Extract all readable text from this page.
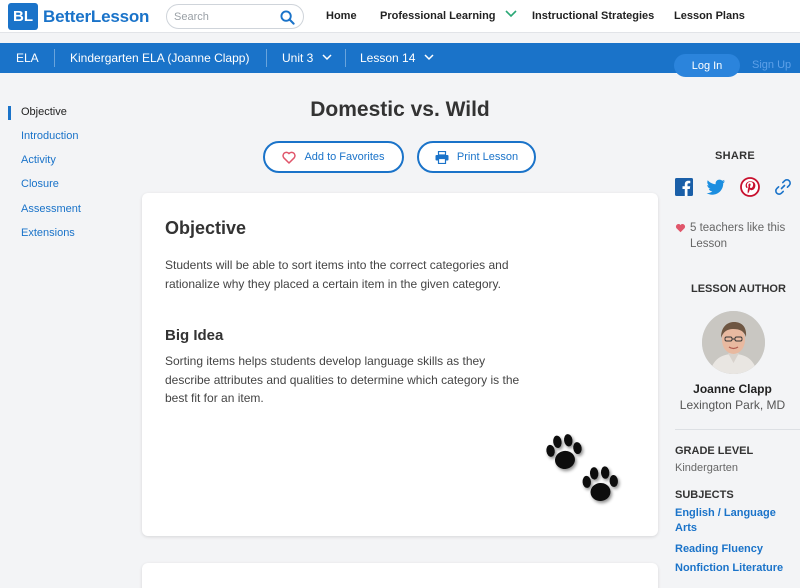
BL BetterLesson
Search	Home Professional Learning	Instructional Strategies Lesson Plans
ELA	Kindergarten ELA (Joanne Clapp)	Unit 3	Lesson 14
Log In	Sign Up
Objective
Introduction
Activity
Closure
Assessment
Extensions
Domestic vs. Wild
Add to Favorites	Print Lesson
Objective
Students will be able to sort items into the correct categories and rationalize why they placed a certain item in the given category.
Big Idea
Sorting items helps students develop language skills as they describe attributes and qualities to determine which category is the best fit for an item.
SHARE
5 teachers like this Lesson
LESSON AUTHOR
Joanne Clapp
Lexington Park, MD
GRADE LEVEL
Kindergarten
SUBJECTS
English / Language Arts
Reading Fluency
Nonfiction Literature
